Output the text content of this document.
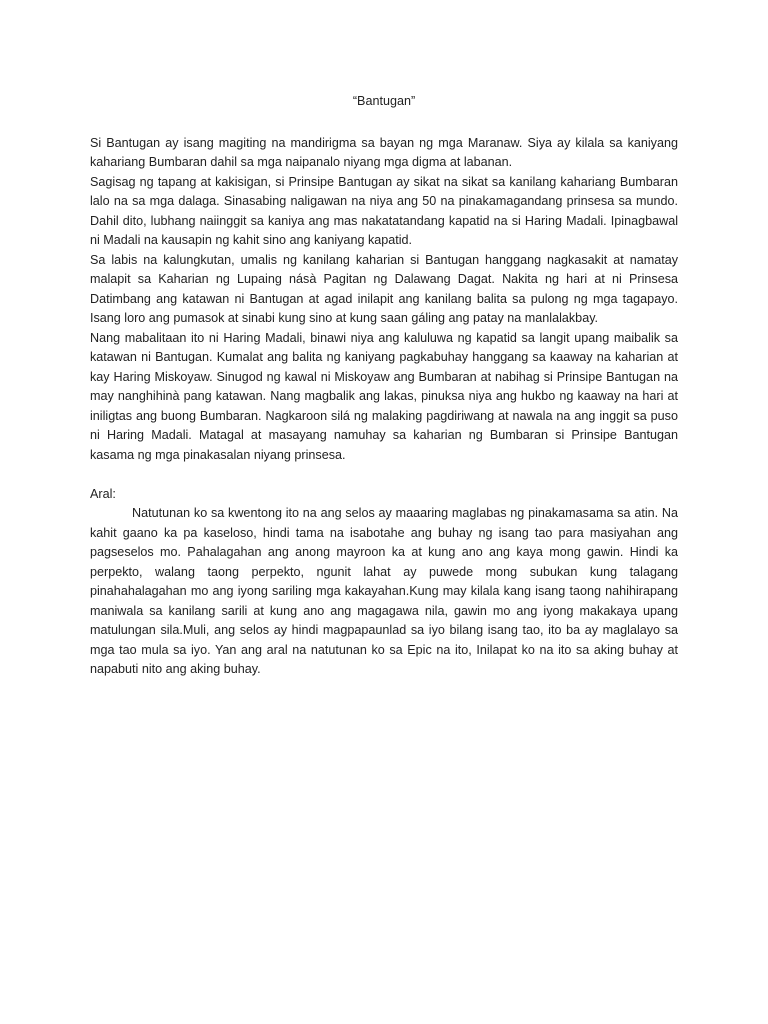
“Bantugan”

Si Bantugan ay isang magiting na mandirigma sa bayan ng mga Maranaw. Siya ay kilala sa kaniyang kahariang Bumbaran dahil sa mga naipanalo niyang mga digma at labanan.

Sagisag ng tapang at kakisigan, si Prinsipe Bantugan ay sikat na sikat sa kanilang kahariang Bumbaran lalo na sa mga dalaga. Sinasabing naligawan na niya ang 50 na pinakamagandang prinsesa sa mundo. Dahil dito, lubhang naiinggit sa kaniya ang mas nakatatandang kapatid na si Haring Madali. Ipinagbawal ni Madali na kausapin ng kahit sino ang kaniyang kapatid.

Sa labis na kalungkutan, umalis ng kanilang kaharian si Bantugan hanggang nagkasakit at namatay malapit sa Kaharian ng Lupaing násà Pagitan ng Dalawang Dagat. Nakita ng hari at ni Prinsesa Datimbang ang katawan ni Bantugan at agad inilapit ang kanilang balita sa pulong ng mga tagapayo. Isang loro ang pumasok at sinabi kung sino at kung saan gáling ang patay na manlalakbay.

Nang mabalitaan ito ni Haring Madali, binawi niya ang kaluluwa ng kapatid sa langit upang maibalik sa katawan ni Bantugan. Kumalat ang balita ng kaniyang pagkabuhay hanggang sa kaaway na kaharian at kay Haring Miskoyaw. Sinugod ng kawal ni Miskoyaw ang Bumbaran at nabihag si Prinsipe Bantugan na may nanghihinà pang katawan. Nang magbalik ang lakas, pinuksa niya ang hukbo ng kaaway na hari at iniligtas ang buong Bumbaran. Nagkaroon silá ng malaking pagdiriwang at nawala na ang inggit sa puso ni Haring Madali. Matagal at masayang namuhay sa kaharian ng Bumbaran si Prinsipe Bantugan kasama ng mga pinakasalan niyang prinsesa.

Aral:

Natutunan ko sa kwentong ito na ang selos ay maaaring maglabas ng pinakamasama sa atin. Na kahit gaano ka pa kaseloso, hindi tama na isabotahe ang buhay ng isang tao para masiyahan ang pagseselos mo. Pahalagahan ang anong mayroon ka at kung ano ang kaya mong gawin. Hindi ka perpekto, walang taong perpekto, ngunit lahat ay puwede mong subukan kung talagang pinahahalagahan mo ang iyong sariling mga kakayahan.Kung may kilala kang isang taong nahihirapang maniwala sa kanilang sarili at kung ano ang magagawa nila, gawin mo ang iyong makakaya upang matulungan sila.Muli, ang selos ay hindi magpapaunlad sa iyo bilang isang tao, ito ba ay maglalayo sa mga tao mula sa iyo. Yan ang aral na natutunan ko sa Epic na ito, Inilapat ko na ito sa aking buhay at napabuti nito ang aking buhay.
